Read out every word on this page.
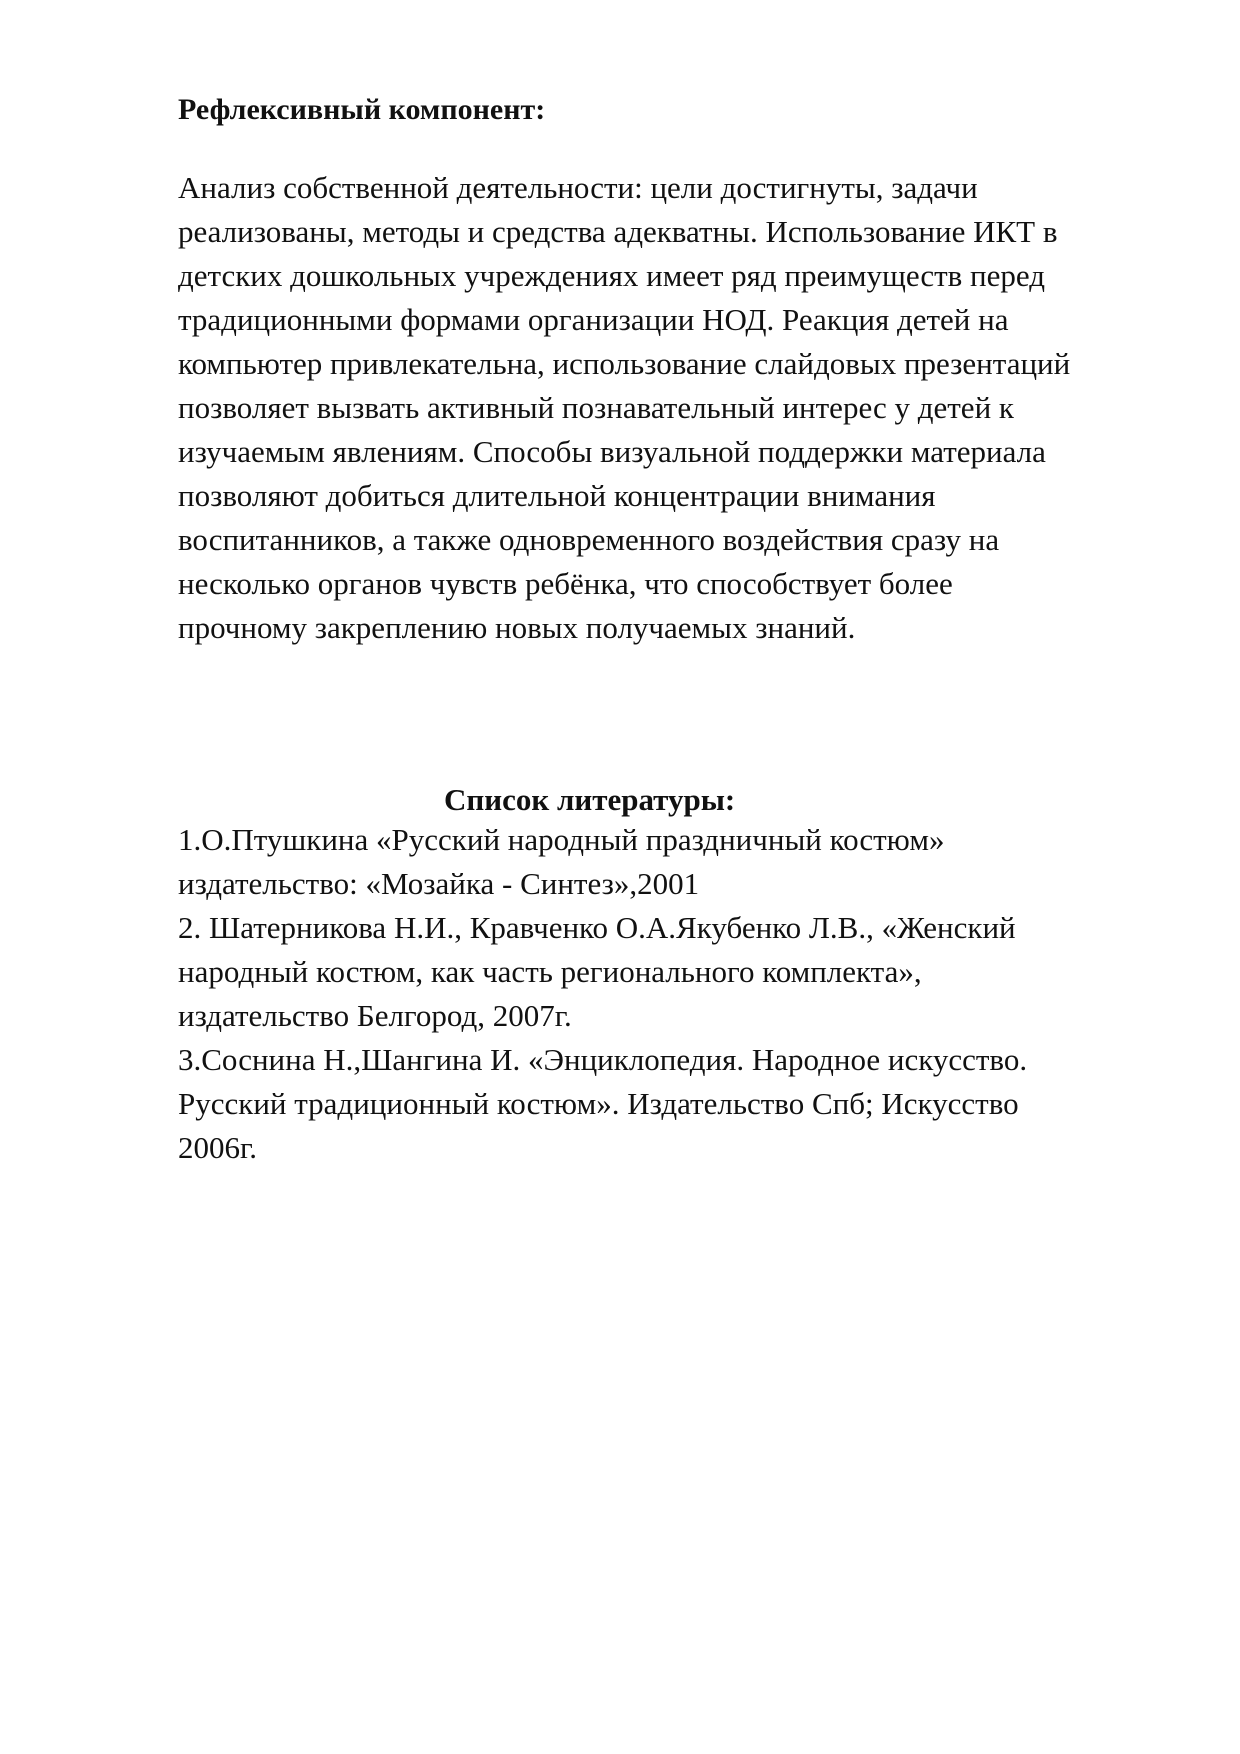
Рефлексивный компонент:

Анализ собственной деятельности: цели достигнуты, задачи
реализованы, методы и средства адекватны. Использование ИКТ в
детских дошкольных учреждениях имеет ряд преимуществ перед
традиционными формами организации НОД. Реакция детей на
компьютер привлекательна, использование слайдовых презентаций
позволяет вызвать активный познавательный интерес у детей к
изучаемым явлениям. Способы визуальной поддержки материала
позволяют добиться длительной концентрации внимания
воспитанников, а также одновременного воздействия сразу на
несколько органов чувств ребёнка, что способствует более
прочному закреплению новых получаемых знаний.

Список литературы:
1.О.Птушкина «Русский народный праздничный костюм»
издательство: «Мозайка - Синтез»,2001
2. Шатерникова Н.И., Кравченко О.А.Якубенко Л.В., «Женский
народный костюм, как часть регионального комплекта»,
издательство Белгород, 2007г.
3.Соснина Н.,Шангина И. «Энциклопедия. Народное искусство.
Русский традиционный костюм». Издательство Спб; Искусство
2006г.
